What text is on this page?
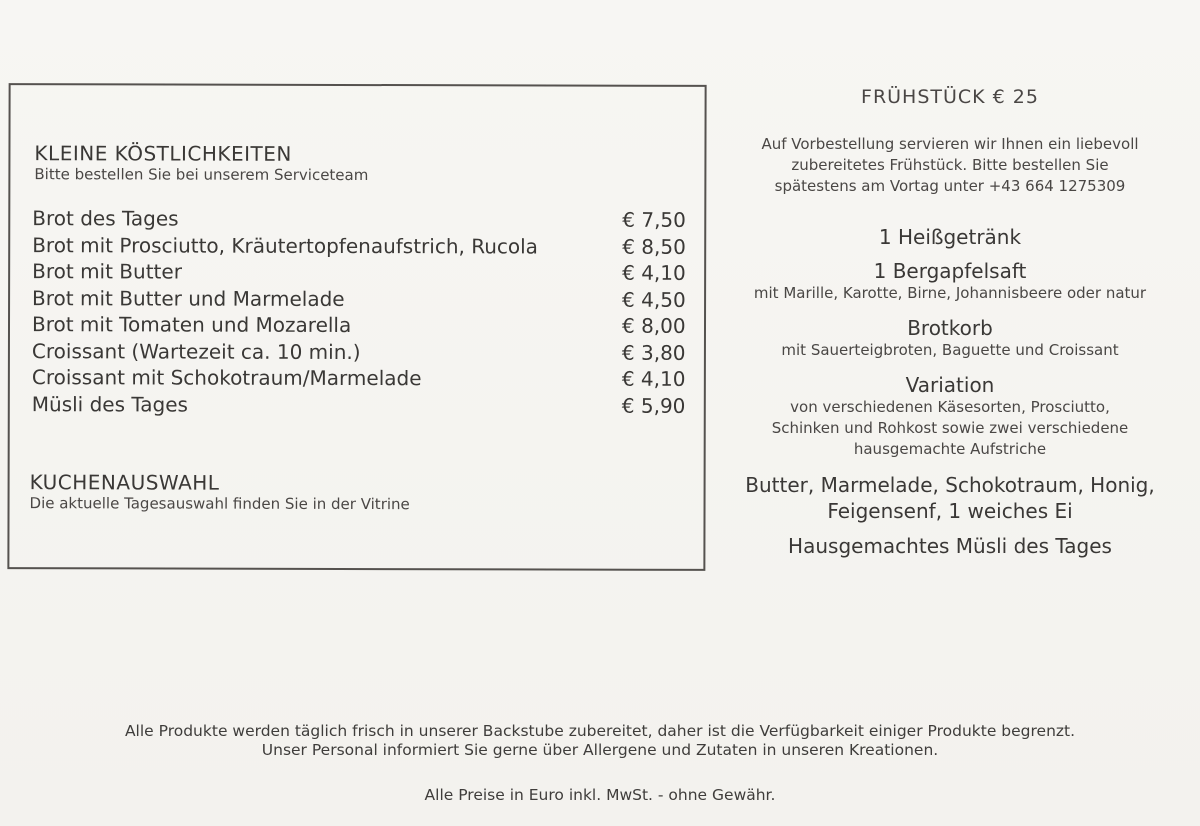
KLEINE KÖSTLICHKEITEN
Bitte bestellen Sie bei unserem Serviceteam
Brot des Tages	€ 7,50
Brot mit Prosciutto, Kräutertopfenaufstrich, Rucola	€ 8,50
Brot mit Butter	€ 4,10
Brot mit Butter und Marmelade	€ 4,50
Brot mit Tomaten und Mozarella	€ 8,00
Croissant (Wartezeit ca. 10 min.)	€ 3,80
Croissant mit Schokotraum/Marmelade	€ 4,10
Müsli des Tages	€ 5,90
KUCHENAUSWAHL
Die aktuelle Tagesauswahl finden Sie in der Vitrine
FRÜHSTÜCK € 25
Auf Vorbestellung servieren wir Ihnen ein liebevoll
zubereitetes Frühstück. Bitte bestellen Sie
spätestens am Vortag unter +43 664 1275309
1 Heißgetränk
1 Bergapfelsaft
mit Marille, Karotte, Birne, Johannisbeere oder natur
Brotkorb
mit Sauerteigbroten, Baguette und Croissant
Variation
von verschiedenen Käsesorten, Prosciutto,
Schinken und Rohkost sowie zwei verschiedene
hausgemachte Aufstriche
Butter, Marmelade, Schokotraum, Honig,
Feigensenf, 1 weiches Ei
Hausgemachtes Müsli des Tages
Alle Produkte werden täglich frisch in unserer Backstube zubereitet, daher ist die Verfügbarkeit einiger Produkte begrenzt.
Unser Personal informiert Sie gerne über Allergene und Zutaten in unseren Kreationen.
Alle Preise in Euro inkl. MwSt. - ohne Gewähr.
